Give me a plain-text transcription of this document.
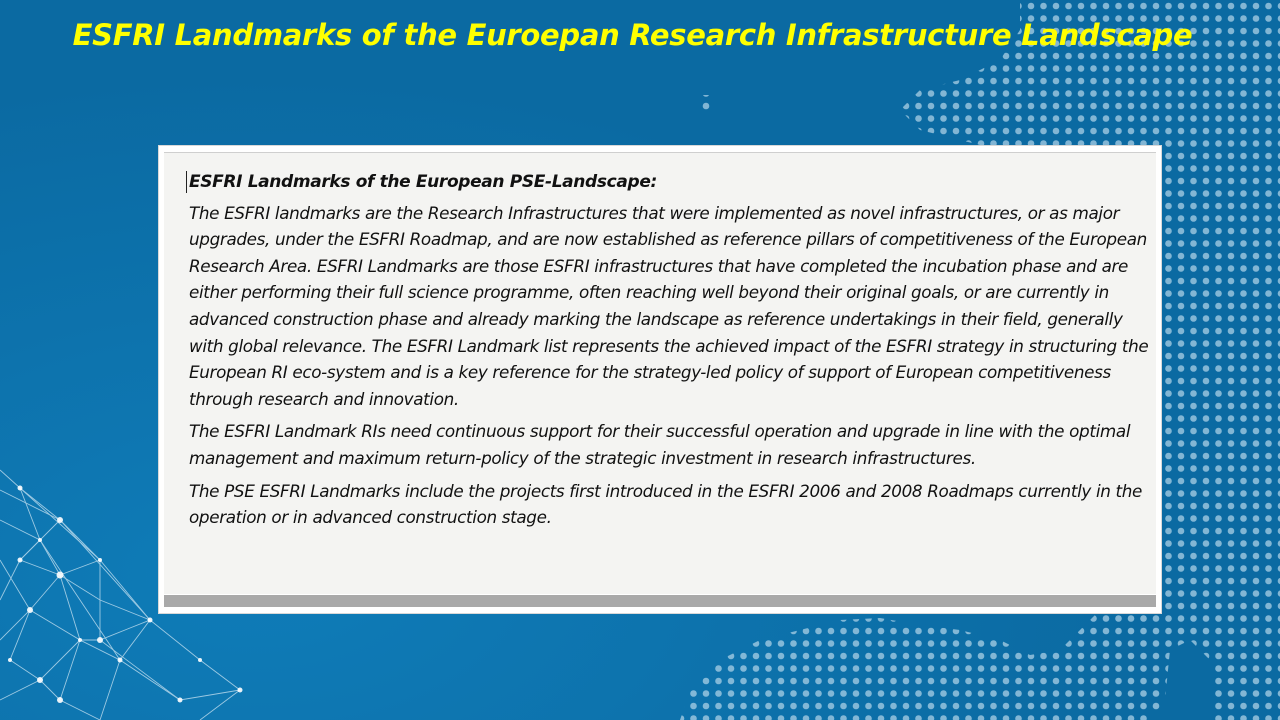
ESFRI Landmarks of the Euroepan Research Infrastructure Landscape

ESFRI Landmarks of the European PSE-Landscape:

The ESFRI landmarks are the Research Infrastructures that were implemented as novel infrastructures, or as major upgrades, under the ESFRI Roadmap, and are now established as reference pillars of competitiveness of the European Research Area. ESFRI Landmarks are those ESFRI infrastructures that have completed the incubation phase and are either performing their full science programme, often reaching well beyond their original goals, or are currently in advanced construction phase and already marking the landscape as reference undertakings in their field, generally with global relevance. The ESFRI Landmark list represents the achieved impact of the ESFRI strategy in structuring the European RI eco-system and is a key reference for the strategy-led policy of support of European competitiveness through research and innovation.

The ESFRI Landmark RIs need continuous support for their successful operation and upgrade in line with the optimal management and maximum return-policy of the strategic investment in research infrastructures.

The PSE ESFRI Landmarks include the projects first introduced in the ESFRI 2006 and 2008 Roadmaps currently in the operation or in advanced construction stage.
